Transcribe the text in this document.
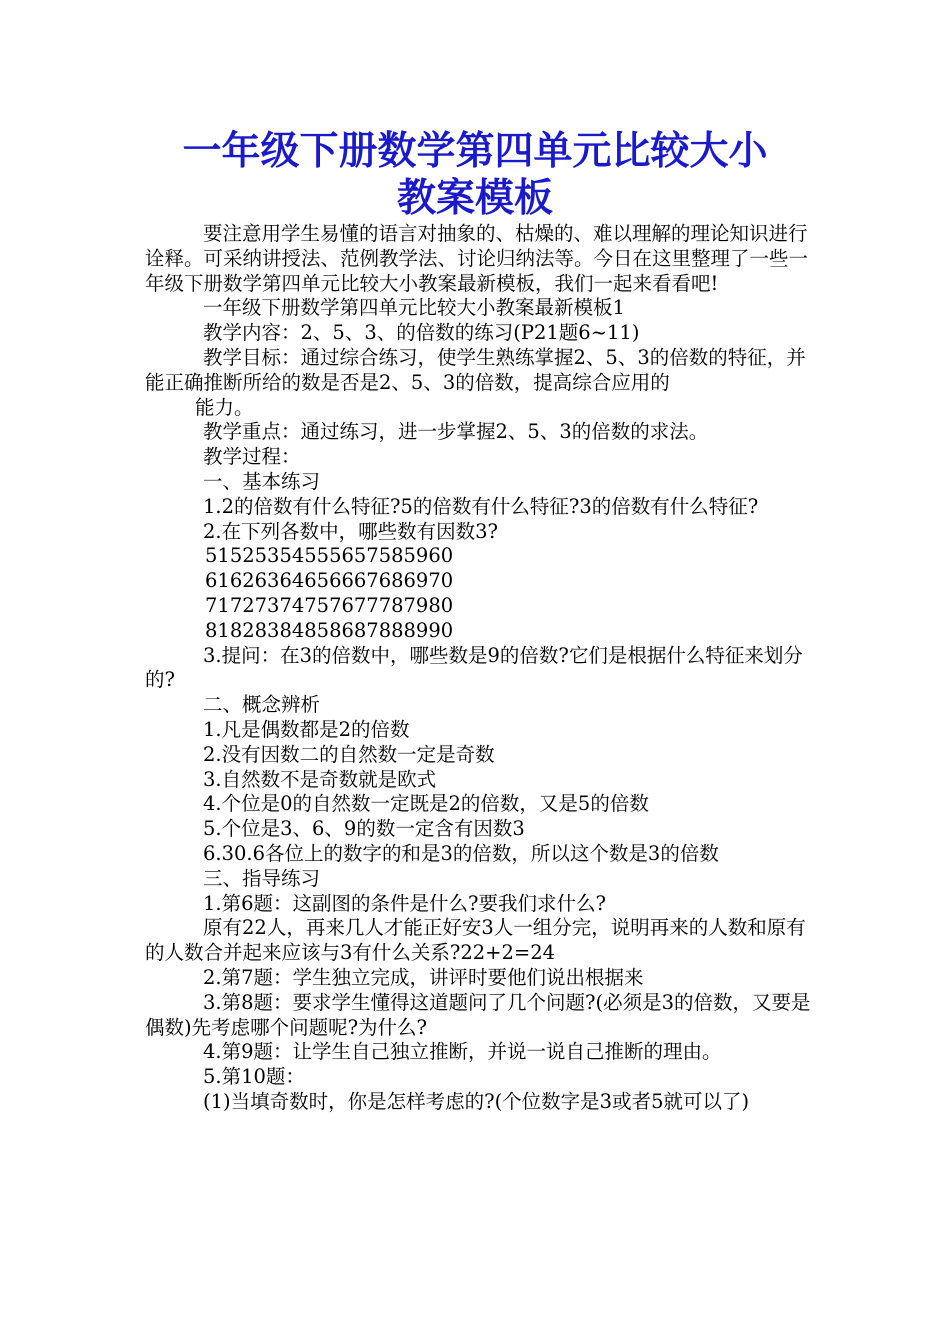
一年级下册数学第四单元比较大小
教案模板

要注意用学生易懂的语言对抽象的、枯燥的、难以理解的理论知识进行诠释。可采纳讲授法、范例教学法、讨论归纳法等。今日在这里整理了一些一年级下册数学第四单元比较大小教案最新模板，我们一起来看看吧!

一年级下册数学第四单元比较大小教案最新模板1

教学内容：2、5、3、的倍数的练习(P21题6~11)

教学目标：通过综合练习，使学生熟练掌握2、5、3的倍数的特征，并能正确推断所给的数是否是2、5、3的倍数，提高综合应用的

能力。

教学重点：通过练习，进一步掌握2、5、3的倍数的求法。

教学过程：

一、基本练习

1.2的倍数有什么特征?5的倍数有什么特征?3的倍数有什么特征?

2.在下列各数中，哪些数有因数3?

51525354555657585960

61626364656667686970

71727374757677787980

81828384858687888990

3.提问：在3的倍数中，哪些数是9的倍数?它们是根据什么特征来划分的?

二、概念辨析

1.凡是偶数都是2的倍数

2.没有因数二的自然数一定是奇数

3.自然数不是奇数就是欧式

4.个位是0的自然数一定既是2的倍数，又是5的倍数

5.个位是3、6、9的数一定含有因数3

6.30.6各位上的数字的和是3的倍数，所以这个数是3的倍数

三、指导练习

1.第6题：这副图的条件是什么?要我们求什么?

原有22人，再来几人才能正好安3人一组分完，说明再来的人数和原有的人数合并起来应该与3有什么关系?22+2=24

2.第7题：学生独立完成，讲评时要他们说出根据来

3.第8题：要求学生懂得这道题问了几个问题?(必须是3的倍数，又要是偶数)先考虑哪个问题呢?为什么?

4.第9题：让学生自己独立推断，并说一说自己推断的理由。

5.第10题：

(1)当填奇数时，你是怎样考虑的?(个位数字是3或者5就可以了)
